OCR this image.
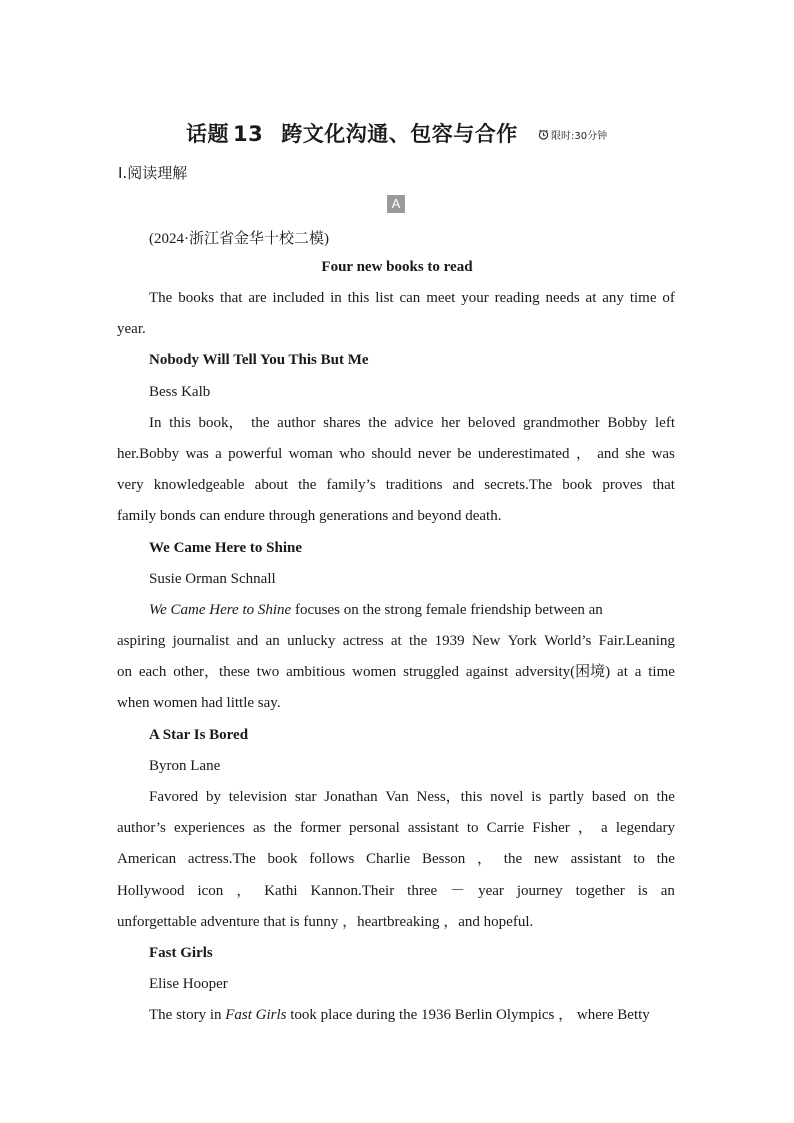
话题 13 跨文化沟通、包容与合作	限时:30分钟
Ⅰ.阅读理解
A
(2024·浙江省金华十校二模)
Four new books to read
The books that are included in this list can meet your reading needs at any time of
year.
Nobody Will Tell You This But Me
Bess Kalb
In this book， the author shares the advice her beloved grandmother Bobby left
her.Bobby was a powerful woman who should never be underestimated ， and she was
very knowledgeable about the family’s traditions and secrets.The book proves that
family bonds can endure through generations and beyond death.
We Came Here to Shine
Susie Orman Schnall
We Came Here to Shine focuses on the strong female friendship between an
aspiring journalist and an unlucky actress at the 1939 New York World’s Fair.Leaning
on each other，these two ambitious women struggled against adversity(困境) at a time
when women had little say.
A Star Is Bored
Byron Lane
Favored by television star Jonathan Van Ness，this novel is partly based on the
author’s experiences as the former personal assistant to Carrie Fisher ， a legendary
American actress.The book follows Charlie Besson ， the new assistant to the
Hollywood icon ， Kathi Kannon.Their three － year journey together is an
unforgettable adventure that is funny ，heartbreaking ，and hopeful.
Fast Girls
Elise Hooper
The story in Fast Girls took place during the 1936 Berlin Olympics ， where Betty
